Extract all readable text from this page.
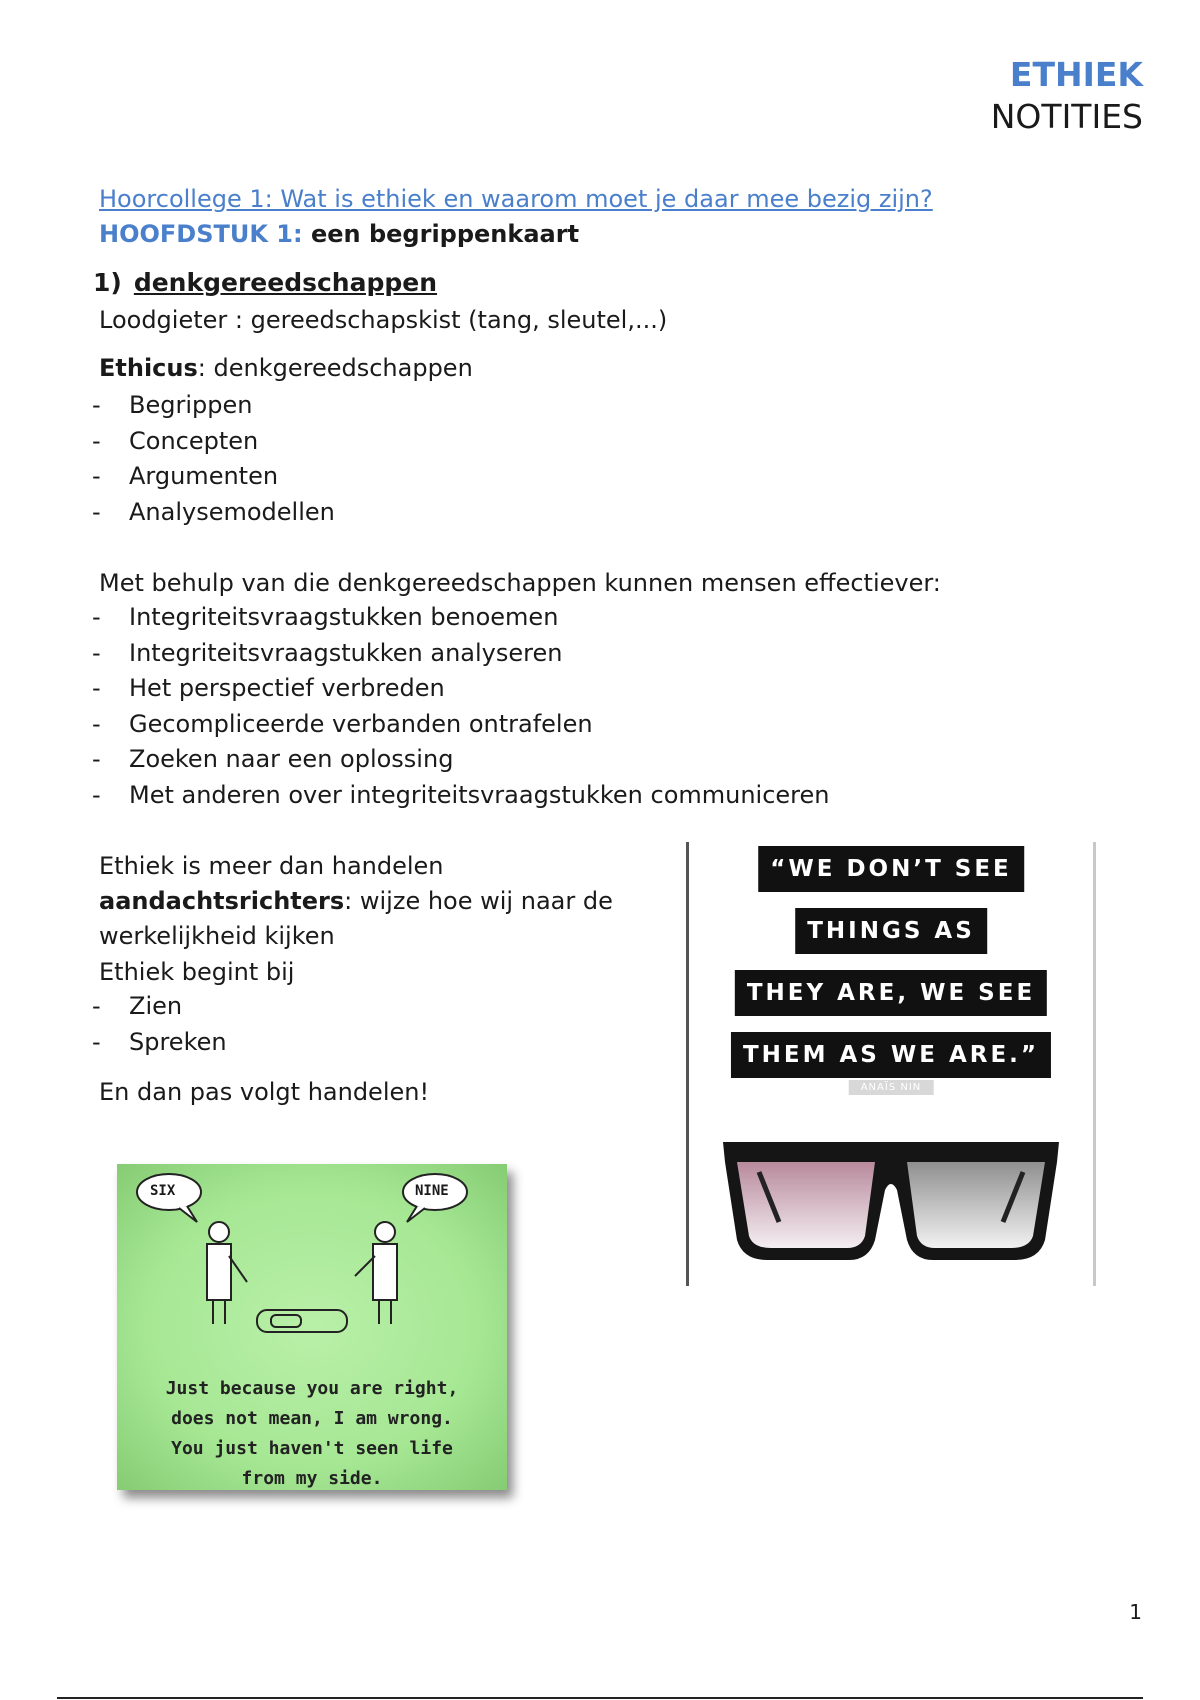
ETHIEK
NOTITIES
Hoorcollege 1: Wat is ethiek en waarom moet je daar mee bezig zijn?
HOOFDSTUK 1: een begrippenkaart
1) denkgereedschappen
Loodgieter : gereedschapskist (tang, sleutel,...)
Ethicus: denkgereedschappen
- Begrippen
- Concepten
- Argumenten
- Analysemodellen
Met behulp van die denkgereedschappen kunnen mensen effectiever:
- Integriteitsvraagstukken benoemen
- Integriteitsvraagstukken analyseren
- Het perspectief verbreden
- Gecompliceerde verbanden ontrafelen
- Zoeken naar een oplossing
- Met anderen over integriteitsvraagstukken communiceren
Ethiek is meer dan handelen
aandachtsrichters: wijze hoe wij naar de
werkelijkheid kijken
Ethiek begint bij
- Zien
- Spreken
En dan pas volgt handelen!
“WE DON’T SEE
THINGS AS
THEY ARE, WE SEE
THEM AS WE ARE.”
ANAÏS NIN
SIX	NINE
Just because you are right,
does not mean, I am wrong.
You just haven't seen life
from my side.
1
